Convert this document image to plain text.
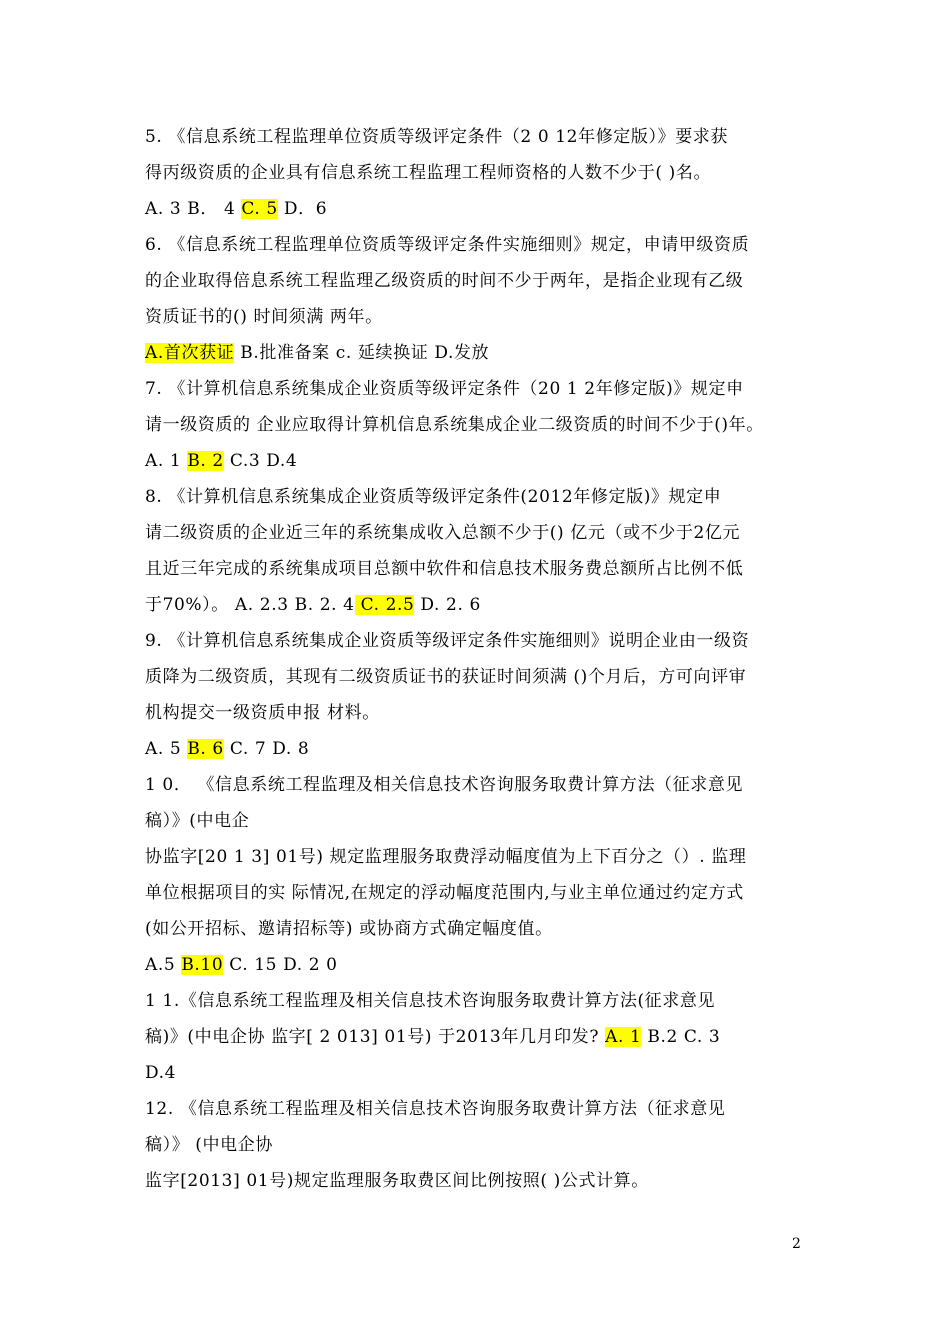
5. 《信息系统工程监理单位资质等级评定条件（2 0 12年修定版）》要求获
得丙级资质的企业具有信息系统工程监理工程师资格的人数不少于( )名。
A. 3 B． 4 C. 5 D．6
6. 《信息系统工程监理单位资质等级评定条件实施细则》规定，申请甲级资质
的企业取得倍息系统工程监理乙级资质的时间不少于两年，是指企业现有乙级
资质证书的() 时间须满 两年。
A.首次获证 B.批准备案 c. 延续换证 D.发放
7. 《计算机信息系统集成企业资质等级评定条件（20 1 2年修定版)》规定申
请一级资质的 企业应取得计算机信息系统集成企业二级资质的时间不少于()年。
A. 1 B. 2 C.3 D.4
8. 《计算机信息系统集成企业资质等级评定条件(2012年修定版)》规定申
请二级资质的企业近三年的系统集成收入总额不少于() 亿元（或不少于2亿元
且近三年完成的系统集成项目总额中软件和信息技术服务费总额所占比例不低
于70%）。 A. 2.3 B. 2. 4 C. 2.5 D. 2. 6
9. 《计算机信息系统集成企业资质等级评定条件实施细则》说明企业由一级资
质降为二级资质，其现有二级资质证书的获证时间须满 ()个月后，方可向评审
机构提交一级资质申报 材料。
A. 5 B. 6 C. 7 D. 8
1 0． 《信息系统工程监理及相关信息技术咨询服务取费计算方法（征求意见
稿）》(中电企
协监字[20 1 3] 01号) 规定监理服务取费浮动幅度值为上下百分之（）. 监理
单位根据项目的实 际情况,在规定的浮动幅度范围内,与业主单位通过约定方式
(如公开招标、邀请招标等) 或协商方式确定幅度值。
A.5 B.10 C. 15 D. 2 0
1 1.《信息系统工程监理及相关信息技术咨询服务取费计算方法(征求意见
稿)》(中电企协 监字[ 2 013] 01号) 于2013年几月印发? A. 1 B.2 C. 3
D.4
12. 《信息系统工程监理及相关信息技术咨询服务取费计算方法（征求意见
稿）》 (中电企协
监字[2013] 01号)规定监理服务取费区间比例按照( )公式计算。
2
